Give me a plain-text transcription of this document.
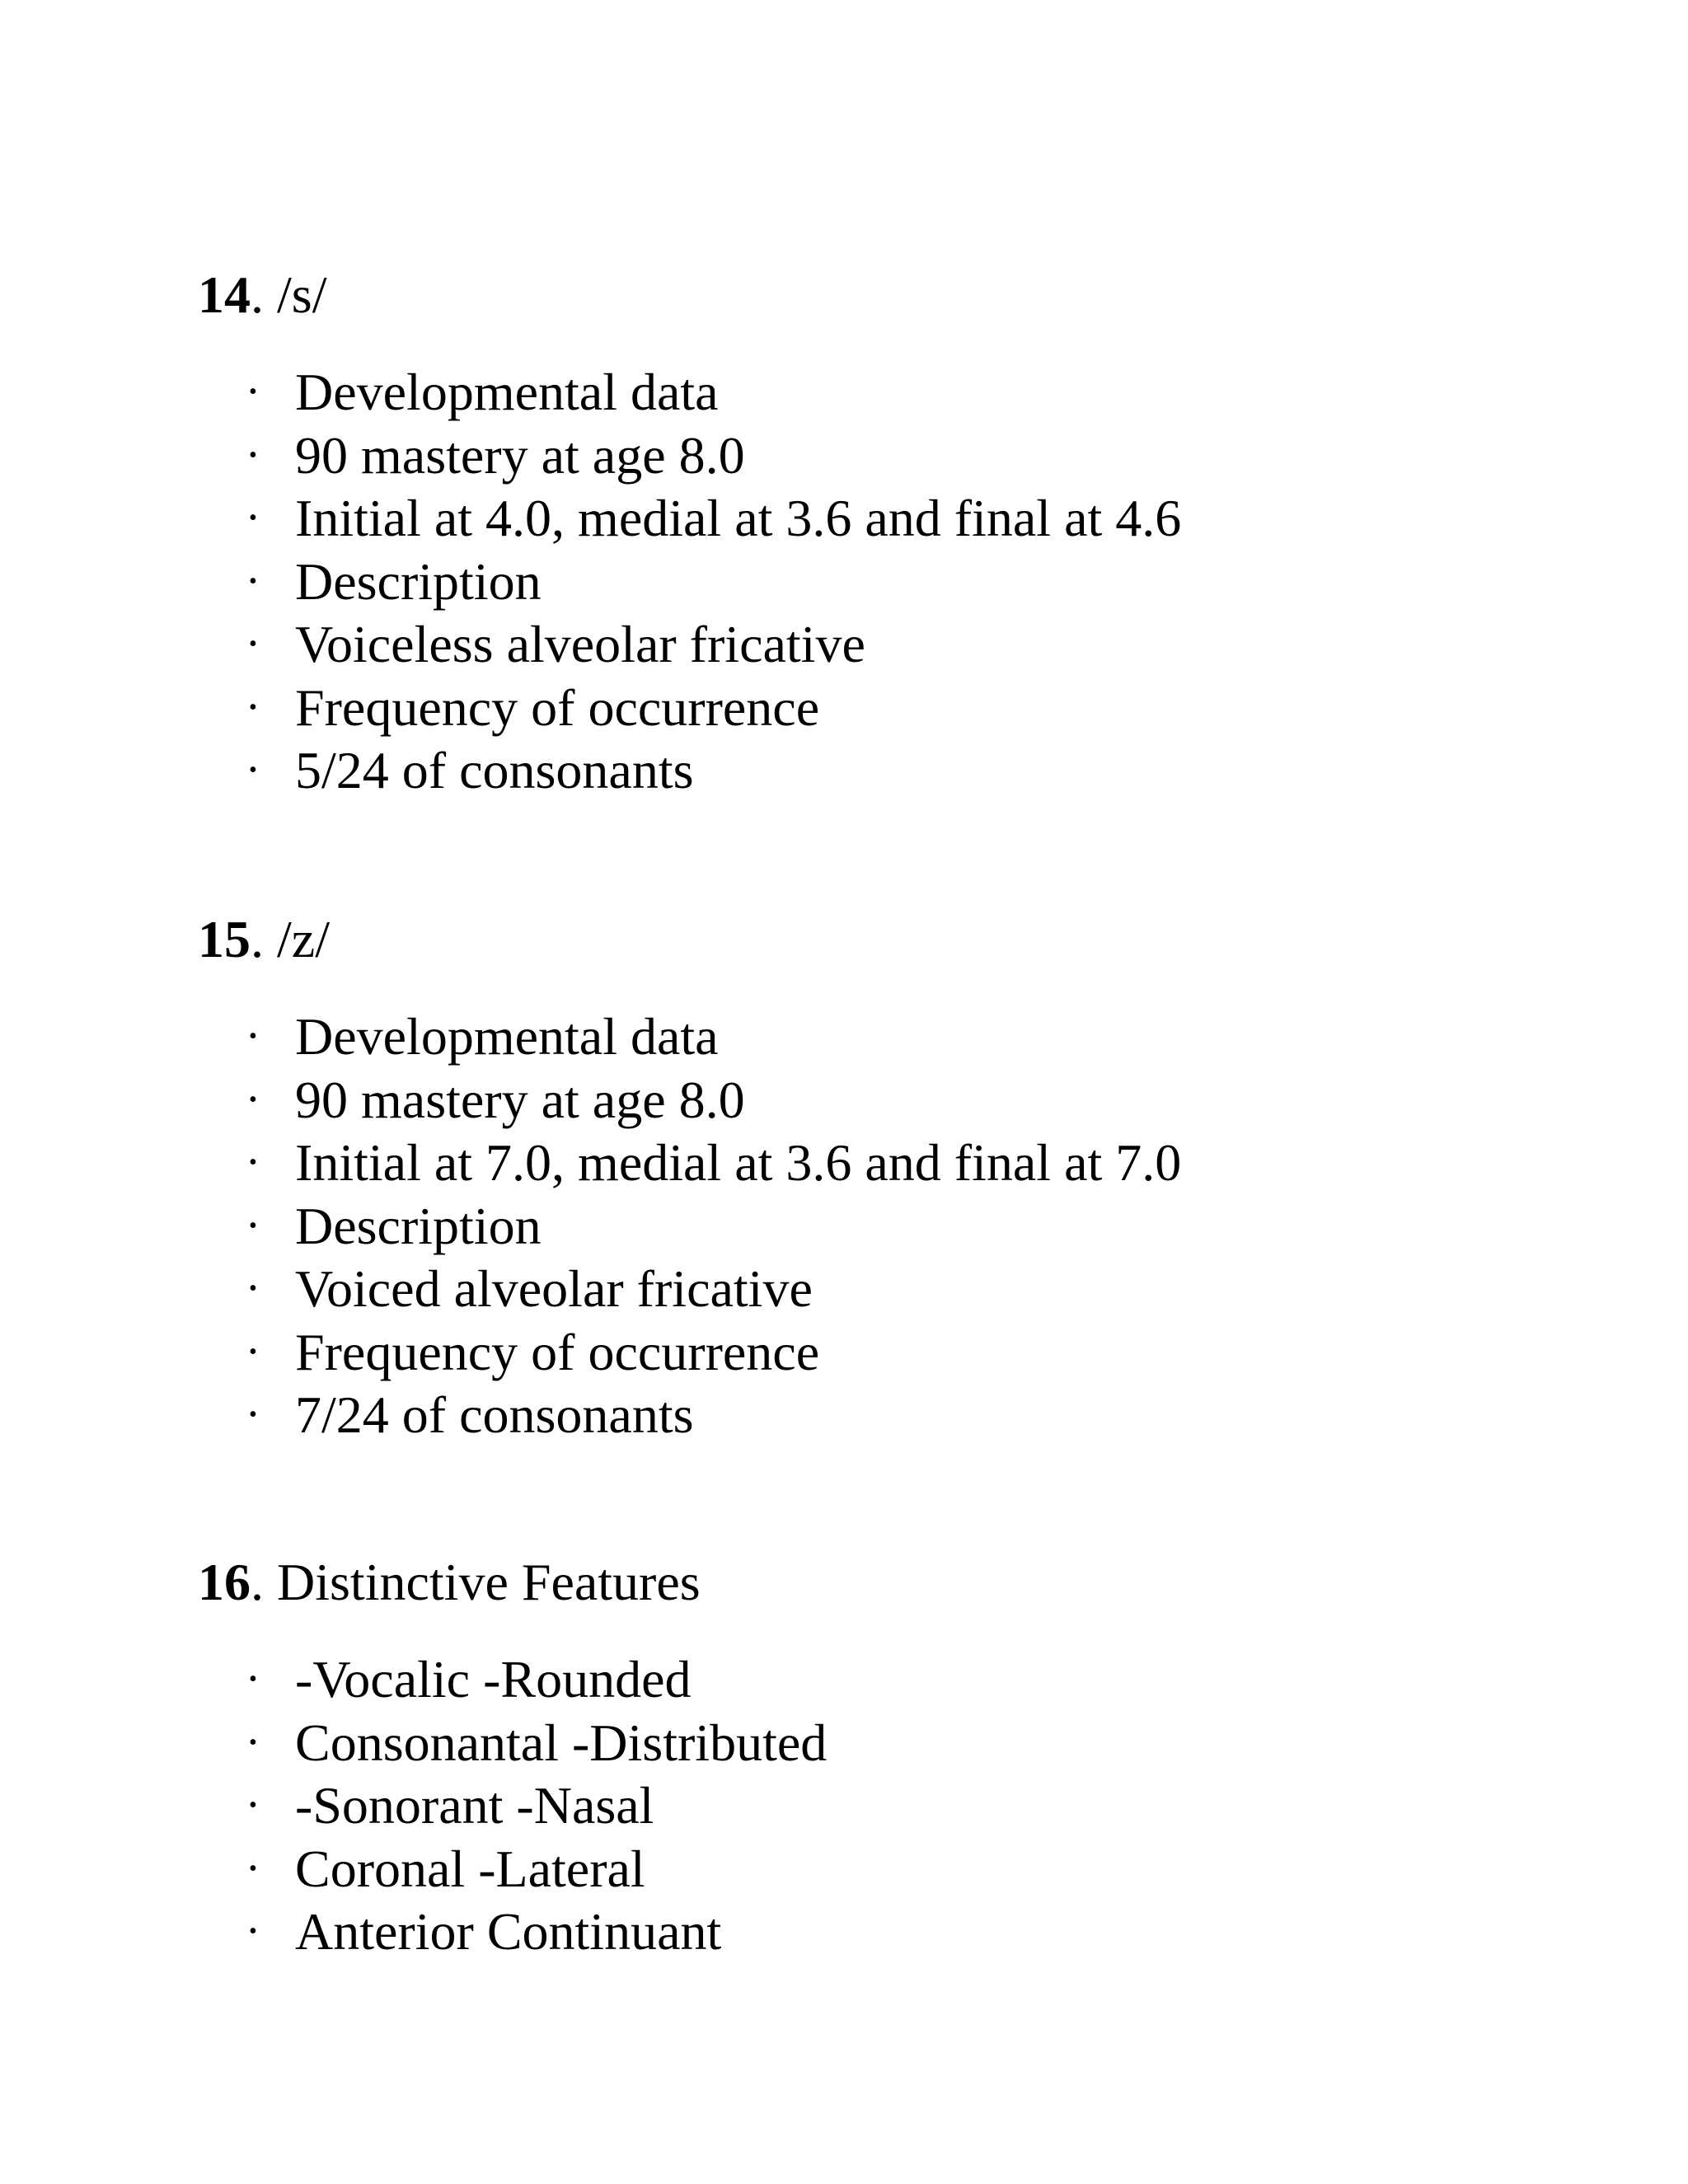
14. /s/

• Developmental data
• 90 mastery at age 8.0
• Initial at 4.0, medial at 3.6 and final at 4.6
• Description
• Voiceless alveolar fricative
• Frequency of occurrence
• 5/24 of consonants

15. /z/

• Developmental data
• 90 mastery at age 8.0
• Initial at 7.0, medial at 3.6 and final at 7.0
• Description
• Voiced alveolar fricative
• Frequency of occurrence
• 7/24 of consonants

16. Distinctive Features

• -Vocalic -Rounded
• Consonantal -Distributed
• -Sonorant -Nasal
• Coronal -Lateral
• Anterior Continuant
